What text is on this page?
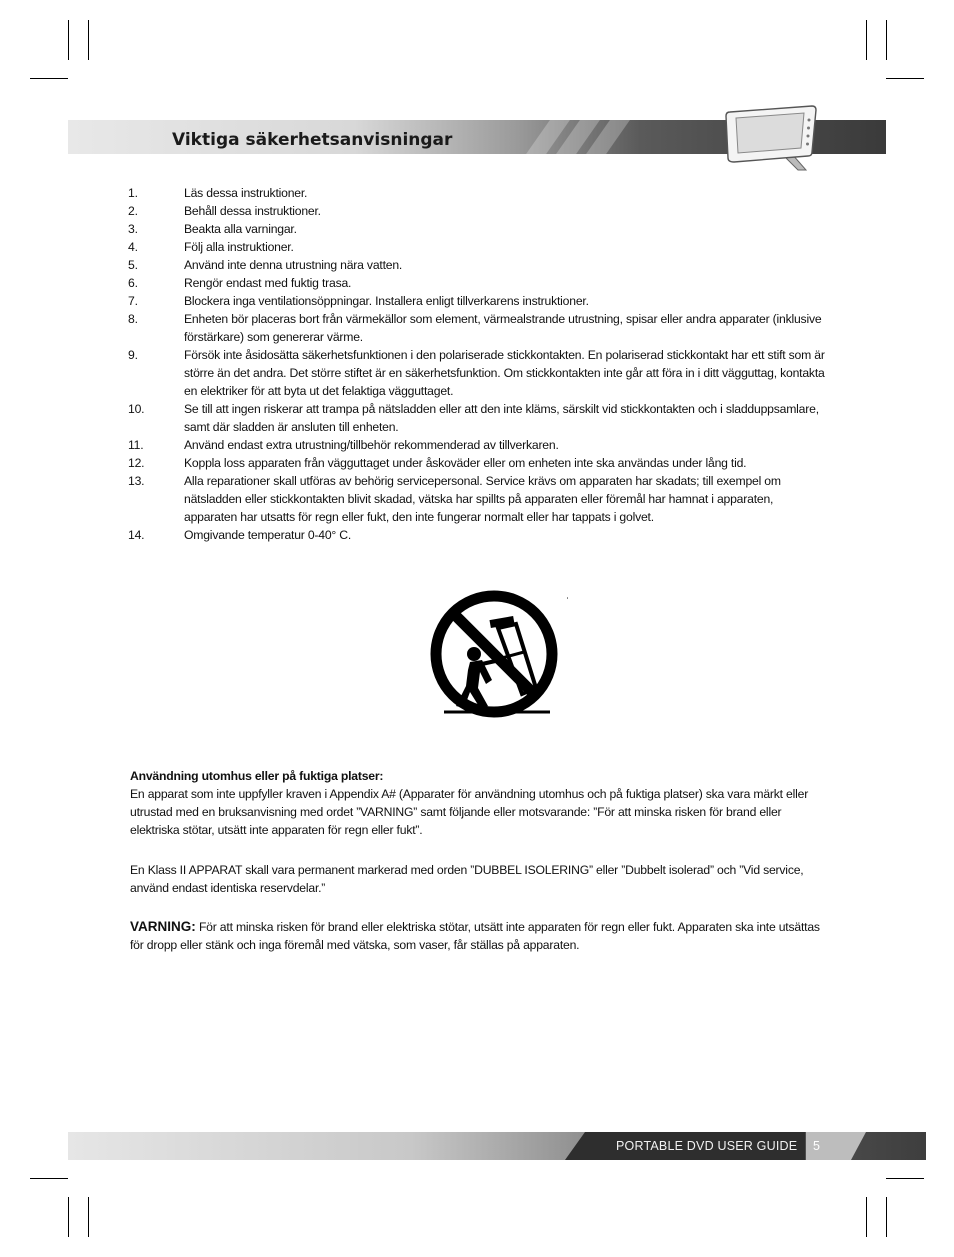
Viktiga säkerhetsanvisningar
1.	Läs dessa instruktioner.
2.	Behåll dessa instruktioner.
3.	Beakta alla varningar.
4.	Följ alla instruktioner.
5.	Använd inte denna utrustning nära vatten.
6.	Rengör endast med fuktig trasa.
7.	Blockera inga ventilationsöppningar. Installera enligt tillverkarens instruktioner.
8.	Enheten bör placeras bort från värmekällor som element, värmealstrande utrustning, spisar eller andra apparater (inklusive förstärkare) som genererar värme.
9.	Försök inte åsidosätta säkerhetsfunktionen i den polariserade stickkontakten. En polariserad stickkontakt har ett stift som är större än det andra. Det större stiftet är en säkerhetsfunktion. Om stickkontakten inte går att föra in i ditt vägguttag, kontakta en elektriker för att byta ut det felaktiga vägguttaget.
10.	Se till att ingen riskerar att trampa på nätsladden eller att den inte kläms, särskilt vid stickkontakten och i sladduppsamlare, samt där sladden är ansluten till enheten.
11.	Använd endast extra utrustning/tillbehör rekommenderad av tillverkaren.
12.	Koppla loss apparaten från vägguttaget under åskoväder eller om enheten inte ska användas under lång tid.
13.	Alla reparationer skall utföras av behörig servicepersonal. Service krävs om apparaten har skadats; till exempel om nätsladden eller stickkontakten blivit skadad, vätska har spillts på apparaten eller föremål har hamnat i apparaten, apparaten har utsatts för regn eller fukt, den inte fungerar normalt eller har tappats i golvet.
14.	Omgivande temperatur 0-40° C.
Användning utomhus eller på fuktiga platser:
En apparat som inte uppfyller kraven i Appendix A# (Apparater för användning utomhus och på fuktiga platser) ska vara märkt eller utrustad med en bruksanvisning med ordet ”VARNING” samt följande eller motsvarande: ”För att minska risken för brand eller elektriska stötar, utsätt inte apparaten för regn eller fukt”.
En Klass II APPARAT skall vara permanent markerad med orden ”DUBBEL ISOLERING” eller ”Dubbelt isolerad” och ”Vid service, använd endast identiska reservdelar.”
VARNING: För att minska risken för brand eller elektriska stötar, utsätt inte apparaten för regn eller fukt. Apparaten ska inte utsättas för dropp eller stänk och inga föremål med vätska, som vaser, får ställas på apparaten.
PORTABLE DVD USER GUIDE 5
